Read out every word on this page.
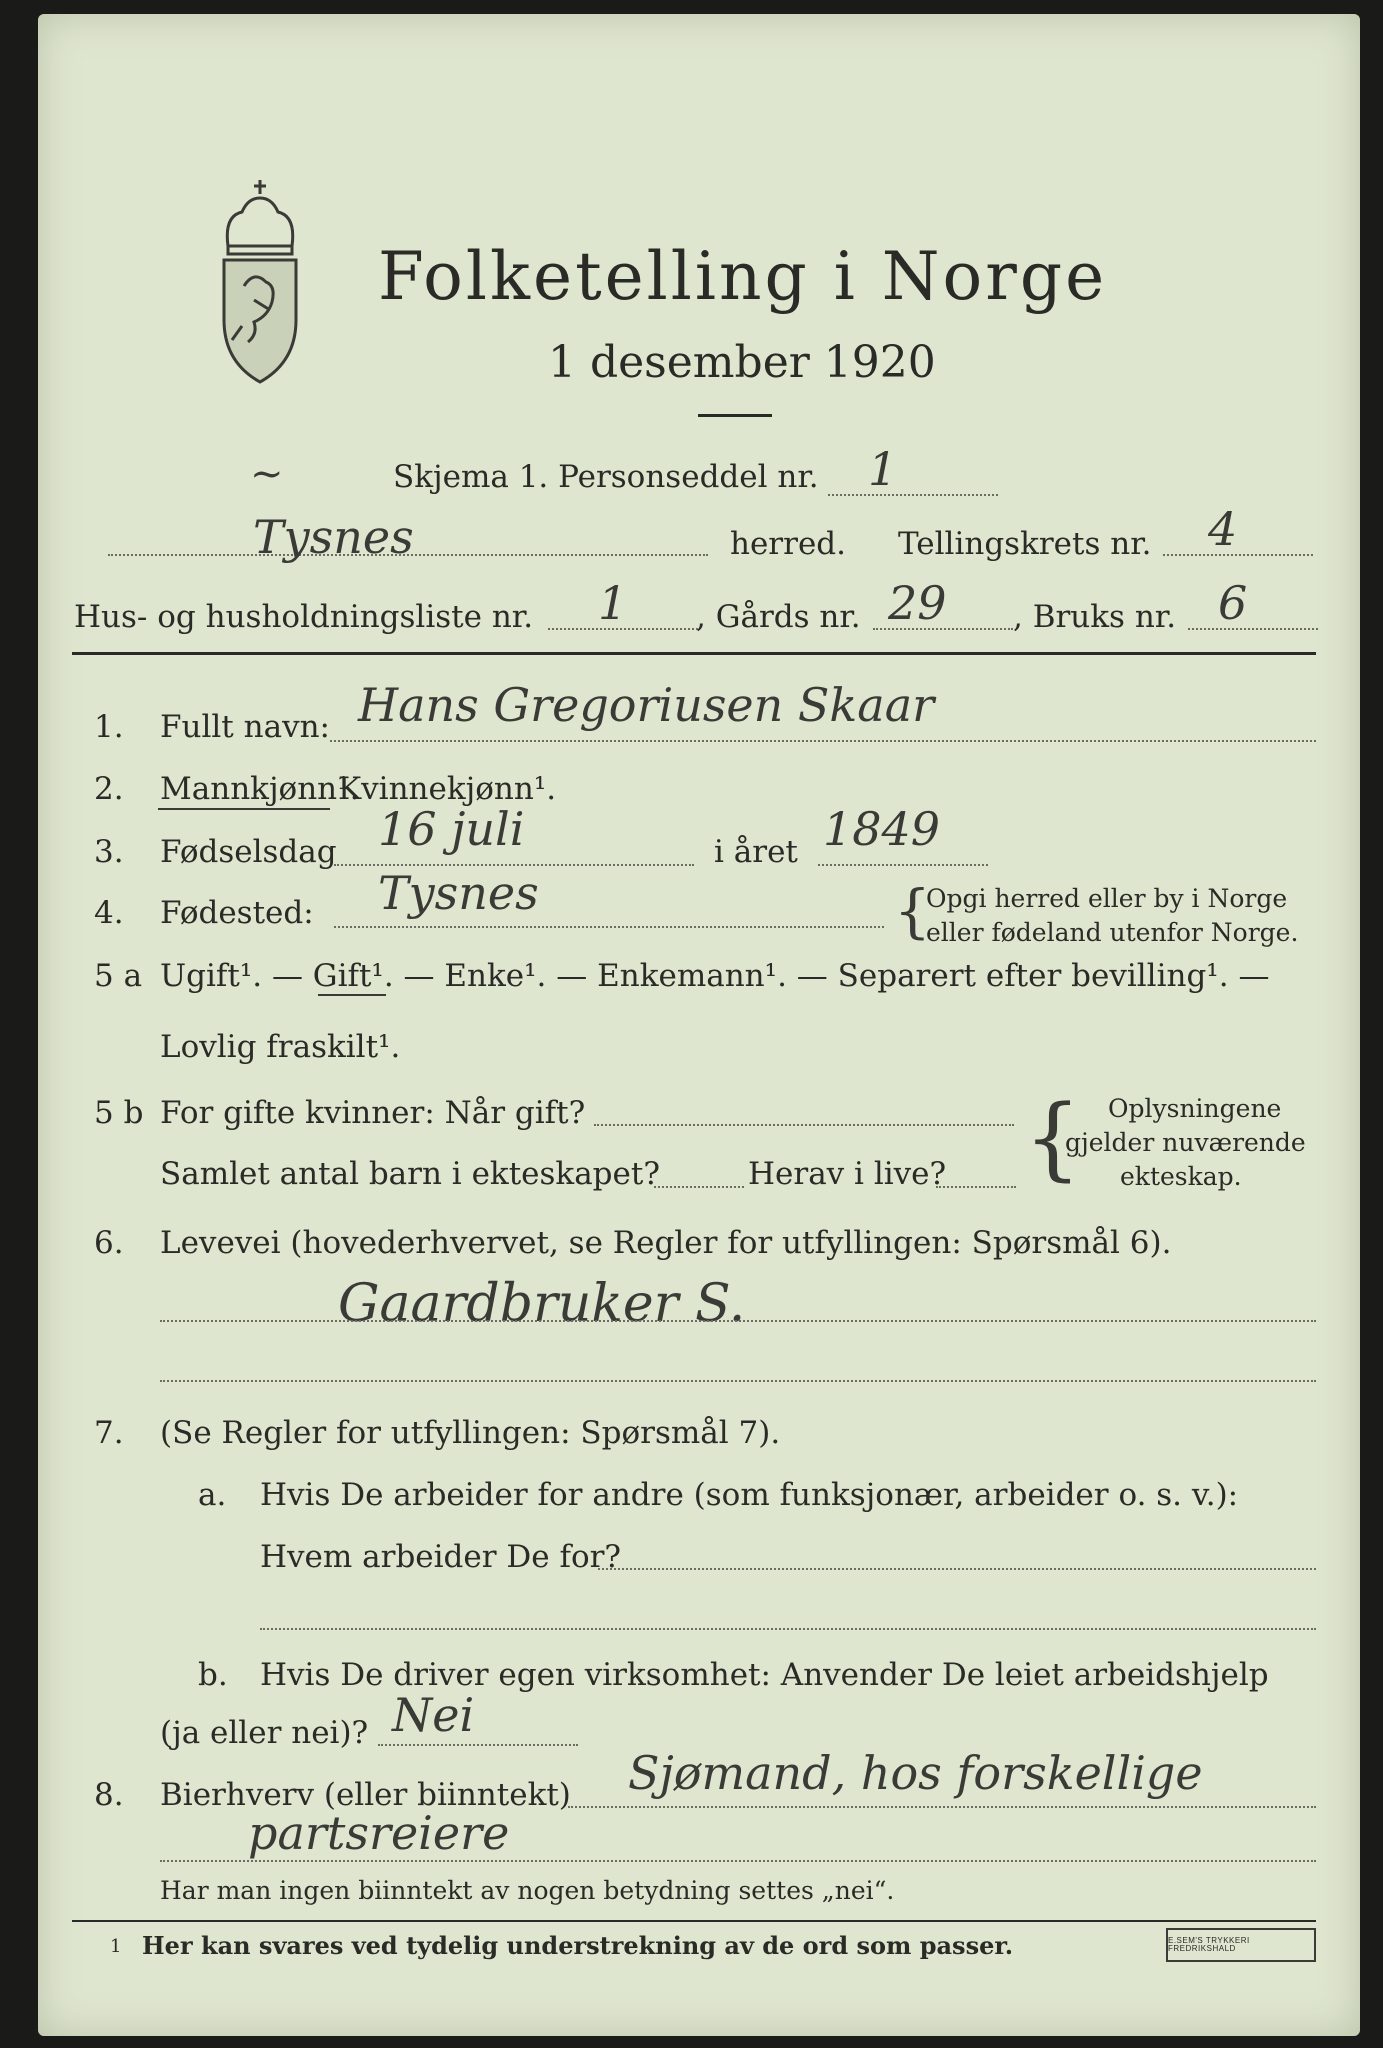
Folketelling i Norge
1 desember 1920
~	Skjema 1. Personseddel nr. 1
Tysnes	herred. Tellingskrets nr. 4
Hus- og husholdningsliste nr. 1 , Gårds nr. 29 , Bruks nr. 6
1. Fullt navn: Hans Gregoriusen Skaar
2. Mannkjønn¹.
Kvinnekjønn¹.
3. Fødselsdag 16 juli	i året 1849
4. Fødested: Tysnes	{
Opgi herred eller by i Norge
eller fødeland utenfor Norge.
5 a Ugift¹. — Gift¹. — Enke¹. — Enkemann¹. — Separert efter bevilling¹. —
Lovlig fraskilt¹.
5 b For gifte kvinner: Når gift?
Samlet antal barn i ekteskapet?	Herav i live? { Oplysningene
gjelder nuværende
ekteskap.
6. Levevei (hovederhvervet, se Regler for utfyllingen: Spørsmål 6).
Gaardbruker S.
7. (Se Regler for utfyllingen: Spørsmål 7).
a. Hvis De arbeider for andre (som funksjonær, arbeider o. s. v.):
Hvem arbeider De for?
b. Hvis De driver egen virksomhet: Anvender De leiet arbeidshjelp
(ja eller nei)? Nei
8. Bierhverv (eller biinntekt) Sjømand, hos forskellige
partsreiere
Har man ingen biinntekt av nogen betydning settes „nei“.
1 Her kan svares ved tydelig understrekning av de ord som passer.	E.SEM'S TRYKKERI FREDRIKSHALD
